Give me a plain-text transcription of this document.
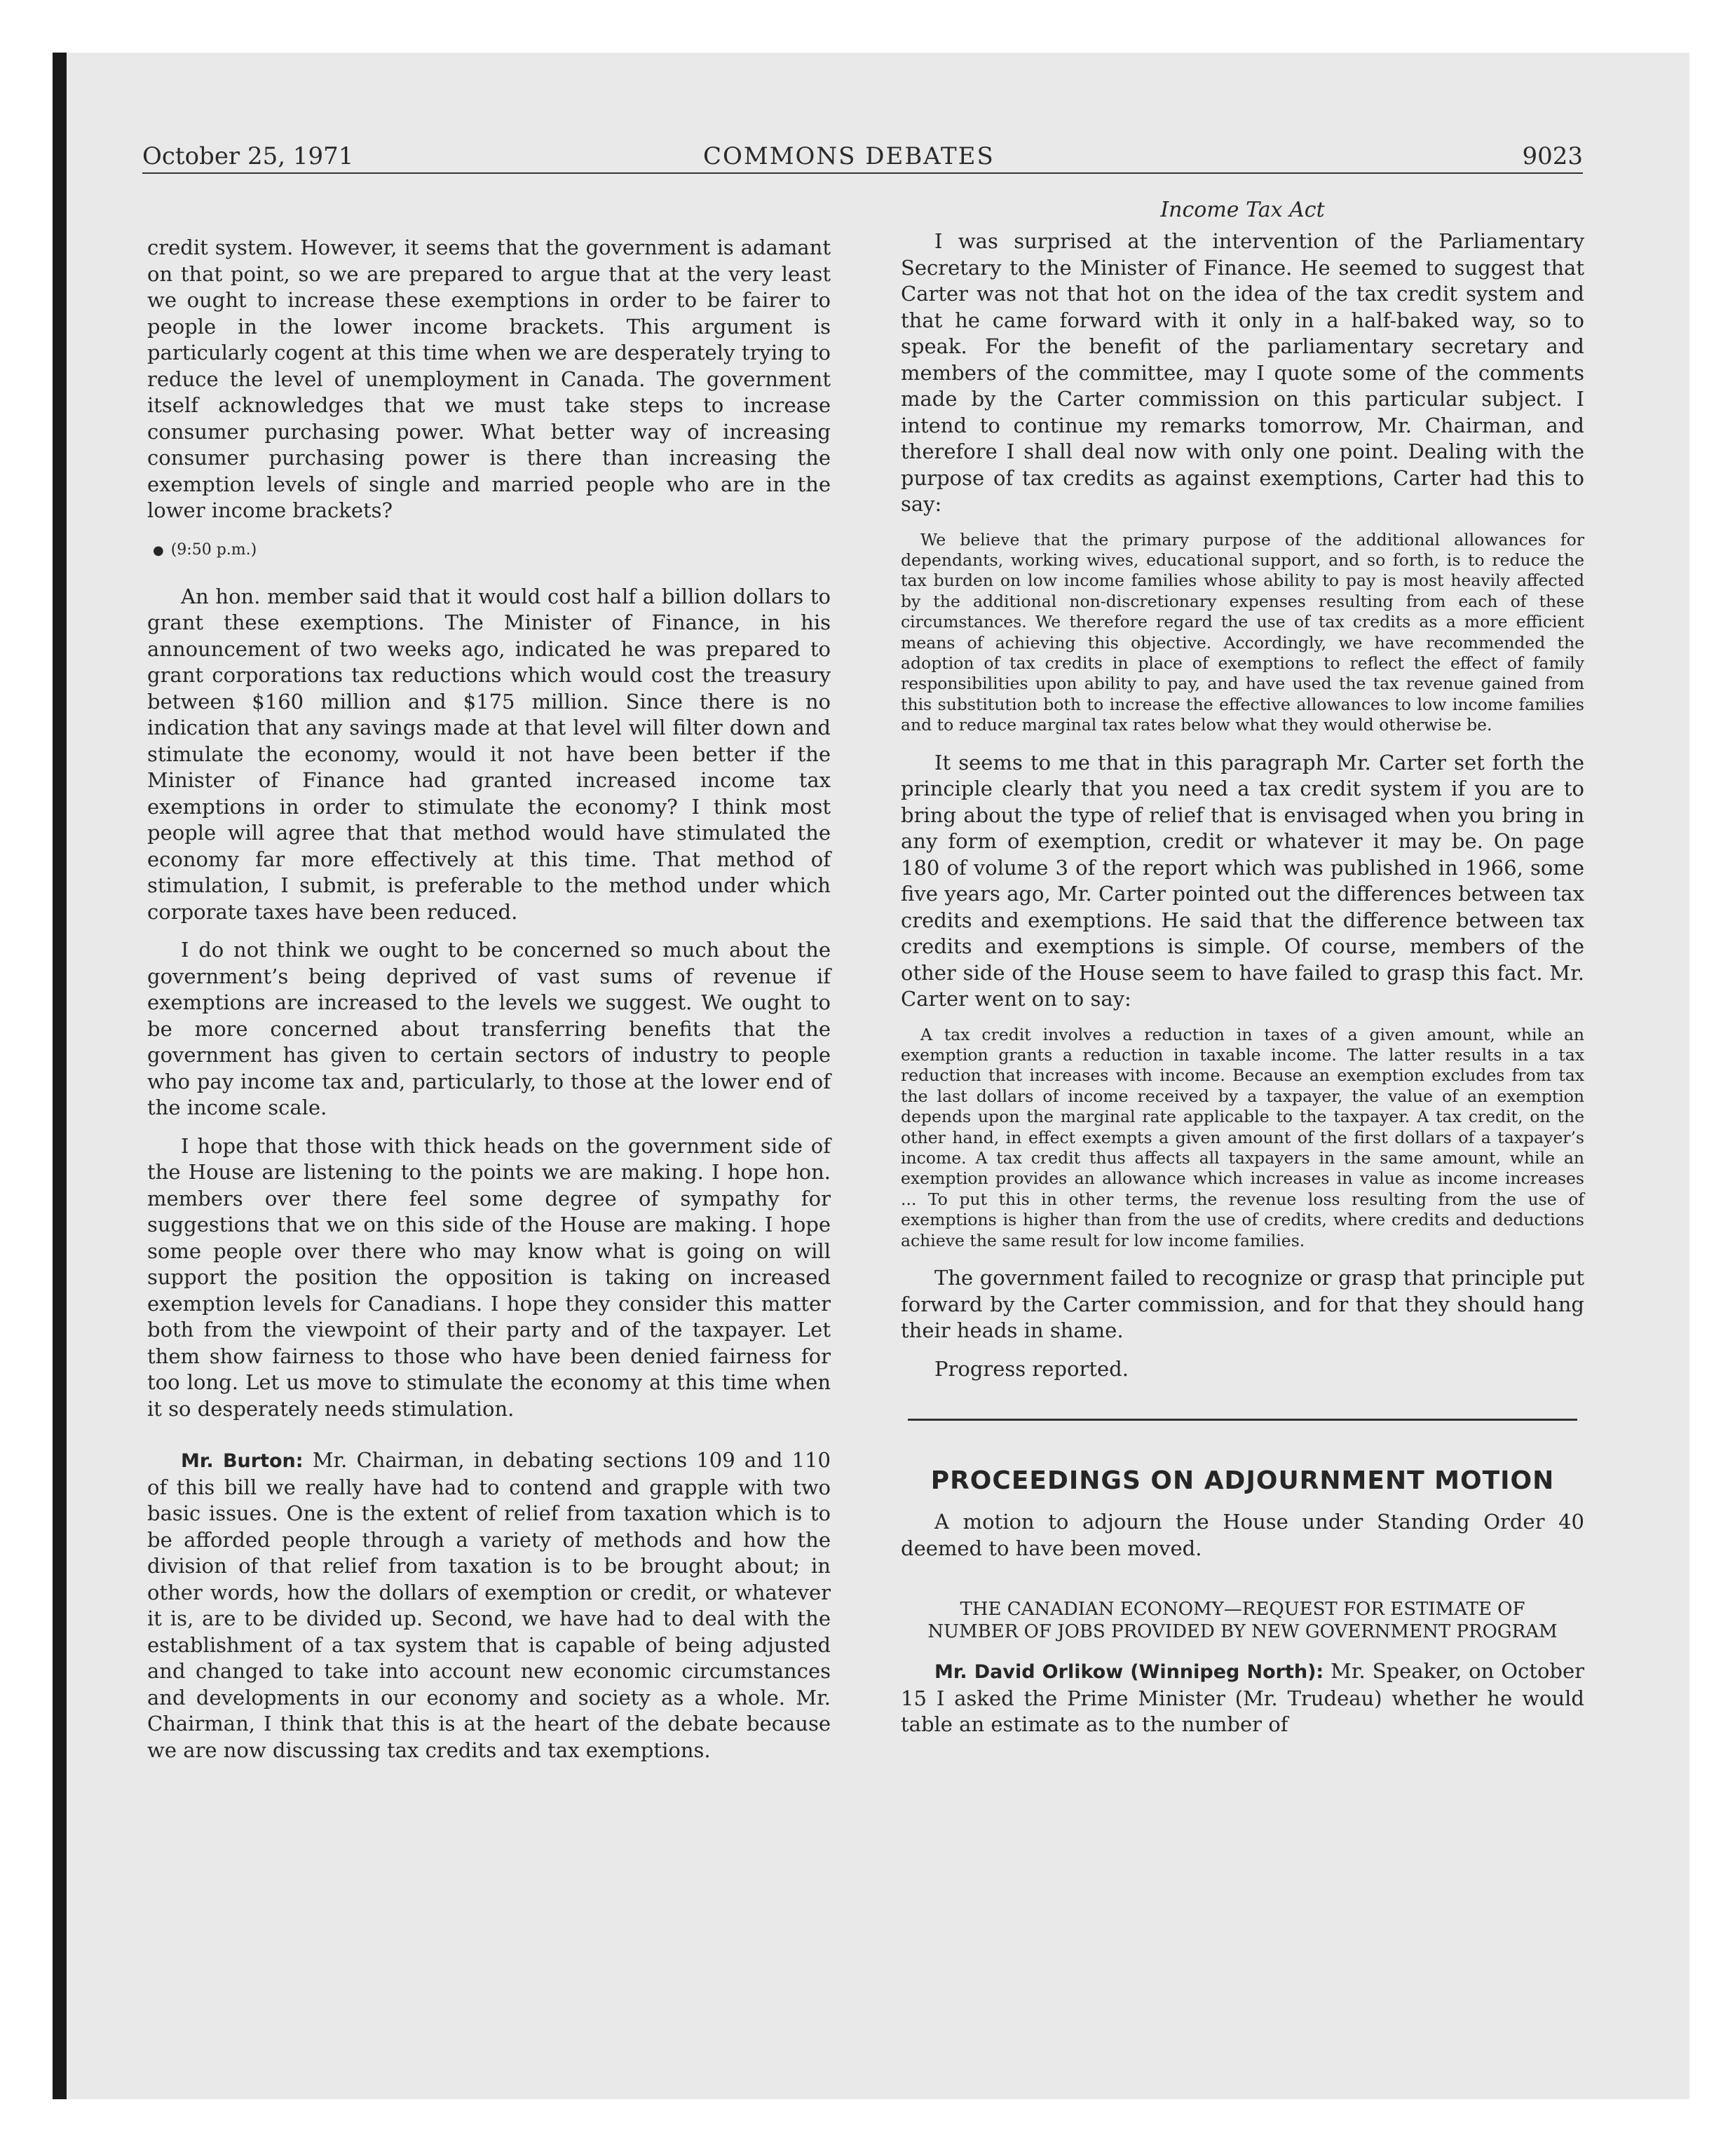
October 25, 1971	COMMONS DEBATES	9023

credit system. However, it seems that the government is adamant on that point, so we are prepared to argue that at the very least we ought to increase these exemptions in order to be fairer to people in the lower income brackets. This argument is particularly cogent at this time when we are desperately trying to reduce the level of unemployment in Canada. The government itself acknowledges that we must take steps to increase consumer purchasing power. What better way of increasing consumer purchasing power is there than increasing the exemption levels of single and married people who are in the lower income brackets?

● (9:50 p.m.)

An hon. member said that it would cost half a billion dollars to grant these exemptions. The Minister of Finance, in his announcement of two weeks ago, indicated he was prepared to grant corporations tax reductions which would cost the treasury between $160 million and $175 million. Since there is no indication that any savings made at that level will filter down and stimulate the economy, would it not have been better if the Minister of Finance had granted increased income tax exemptions in order to stimulate the economy? I think most people will agree that that method would have stimulated the economy far more effectively at this time. That method of stimulation, I submit, is preferable to the method under which corporate taxes have been reduced.

I do not think we ought to be concerned so much about the government’s being deprived of vast sums of revenue if exemptions are increased to the levels we suggest. We ought to be more concerned about transferring benefits that the government has given to certain sectors of industry to people who pay income tax and, particularly, to those at the lower end of the income scale.

I hope that those with thick heads on the government side of the House are listening to the points we are making. I hope hon. members over there feel some degree of sympathy for suggestions that we on this side of the House are making. I hope some people over there who may know what is going on will support the position the opposition is taking on increased exemption levels for Canadians. I hope they consider this matter both from the viewpoint of their party and of the taxpayer. Let them show fairness to those who have been denied fairness for too long. Let us move to stimulate the economy at this time when it so desperately needs stimulation.

Mr. Burton: Mr. Chairman, in debating sections 109 and 110 of this bill we really have had to contend and grapple with two basic issues. One is the extent of relief from taxation which is to be afforded people through a variety of methods and how the division of that relief from taxation is to be brought about; in other words, how the dollars of exemption or credit, or whatever it is, are to be divided up. Second, we have had to deal with the establishment of a tax system that is capable of being adjusted and changed to take into account new economic circumstances and developments in our economy and society as a whole. Mr. Chairman, I think that this is at the heart of the debate because we are now discussing tax credits and tax exemptions.

Income Tax Act

I was surprised at the intervention of the Parliamentary Secretary to the Minister of Finance. He seemed to suggest that Carter was not that hot on the idea of the tax credit system and that he came forward with it only in a half-baked way, so to speak. For the benefit of the parliamentary secretary and members of the committee, may I quote some of the comments made by the Carter commission on this particular subject. I intend to continue my remarks tomorrow, Mr. Chairman, and therefore I shall deal now with only one point. Dealing with the purpose of tax credits as against exemptions, Carter had this to say:

We believe that the primary purpose of the additional allowances for dependants, working wives, educational support, and so forth, is to reduce the tax burden on low income families whose ability to pay is most heavily affected by the additional non-discretionary expenses resulting from each of these circumstances. We therefore regard the use of tax credits as a more efficient means of achieving this objective. Accordingly, we have recommended the adoption of tax credits in place of exemptions to reflect the effect of family responsibilities upon ability to pay, and have used the tax revenue gained from this substitution both to increase the effective allowances to low income families and to reduce marginal tax rates below what they would otherwise be.

It seems to me that in this paragraph Mr. Carter set forth the principle clearly that you need a tax credit system if you are to bring about the type of relief that is envisaged when you bring in any form of exemption, credit or whatever it may be. On page 180 of volume 3 of the report which was published in 1966, some five years ago, Mr. Carter pointed out the differences between tax credits and exemptions. He said that the difference between tax credits and exemptions is simple. Of course, members of the other side of the House seem to have failed to grasp this fact. Mr. Carter went on to say:

A tax credit involves a reduction in taxes of a given amount, while an exemption grants a reduction in taxable income. The latter results in a tax reduction that increases with income. Because an exemption excludes from tax the last dollars of income received by a taxpayer, the value of an exemption depends upon the marginal rate applicable to the taxpayer. A tax credit, on the other hand, in effect exempts a given amount of the first dollars of a taxpayer’s income. A tax credit thus affects all taxpayers in the same amount, while an exemption provides an allowance which increases in value as income increases ... To put this in other terms, the revenue loss resulting from the use of exemptions is higher than from the use of credits, where credits and deductions achieve the same result for low income families.

The government failed to recognize or grasp that principle put forward by the Carter commission, and for that they should hang their heads in shame.

Progress reported.

PROCEEDINGS ON ADJOURNMENT MOTION

A motion to adjourn the House under Standing Order 40 deemed to have been moved.

THE CANADIAN ECONOMY—REQUEST FOR ESTIMATE OF NUMBER OF JOBS PROVIDED BY NEW GOVERNMENT PROGRAM

Mr. David Orlikow (Winnipeg North): Mr. Speaker, on October 15 I asked the Prime Minister (Mr. Trudeau) whether he would table an estimate as to the number of
